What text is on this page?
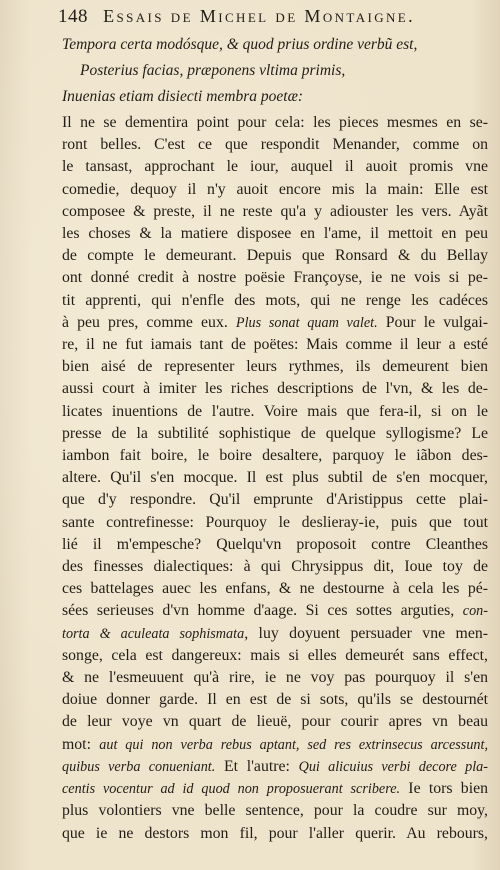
148 Essais de Michel de Montaigne.
Tempora certa modósque, & quod prius ordine verbũ est,
Posterius facias, præponens vltima primis,
Inuenias etiam disiecti membra poetæ:
Il ne se dementira point pour cela: les pieces mesmes en se-
ront belles. C'est ce que respondit Menander, comme on
le tansast, approchant le iour, auquel il auoit promis vne
comedie, dequoy il n'y auoit encore mis la main: Elle est
composee & preste, il ne reste qu'a y adiouster les vers. Ayãt
les choses & la matiere disposee en l'ame, il mettoit en peu
de compte le demeurant. Depuis que Ronsard & du Bellay
ont donné credit à nostre poësie Françoyse, ie ne vois si pe-
tit apprenti, qui n'enfle des mots, qui ne renge les cadéces
à peu pres, comme eux. Plus sonat quam valet. Pour le vulgai-
re, il ne fut iamais tant de poëtes: Mais comme il leur a esté
bien aisé de representer leurs rythmes, ils demeurent bien
aussi court à imiter les riches descriptions de l'vn, & les de-
licates inuentions de l'autre. Voire mais que fera-il, si on le
presse de la subtilité sophistique de quelque syllogisme? Le
iambon fait boire, le boire desaltere, parquoy le iãbon des-
altere. Qu'il s'en mocque. Il est plus subtil de s'en mocquer,
que d'y respondre. Qu'il emprunte d'Aristippus cette plai-
sante contrefinesse: Pourquoy le deslieray-ie, puis que tout
lié il m'empesche? Quelqu'vn proposoit contre Cleanthes
des finesses dialectiques: à qui Chrysippus dit, Ioue toy de
ces battelages auec les enfans, & ne destourne à cela les pé-
sées serieuses d'vn homme d'aage. Si ces sottes arguties, con-
torta & aculeata sophismata, luy doyuent persuader vne men-
songe, cela est dangereux: mais si elles demeurét sans effect,
& ne l'esmeuuent qu'à rire, ie ne voy pas pourquoy il s'en
doiue donner garde. Il en est de si sots, qu'ils se destournét
de leur voye vn quart de lieuë, pour courir apres vn beau
mot: aut qui non verba rebus aptant, sed res extrinsecus arcessunt,
quibus verba conueniant. Et l'autre: Qui alicuius verbi decore pla-
centis vocentur ad id quod non proposuerant scribere. Ie tors bien
plus volontiers vne belle sentence, pour la coudre sur moy,
que ie ne destors mon fil, pour l'aller querir. Au rebours,
